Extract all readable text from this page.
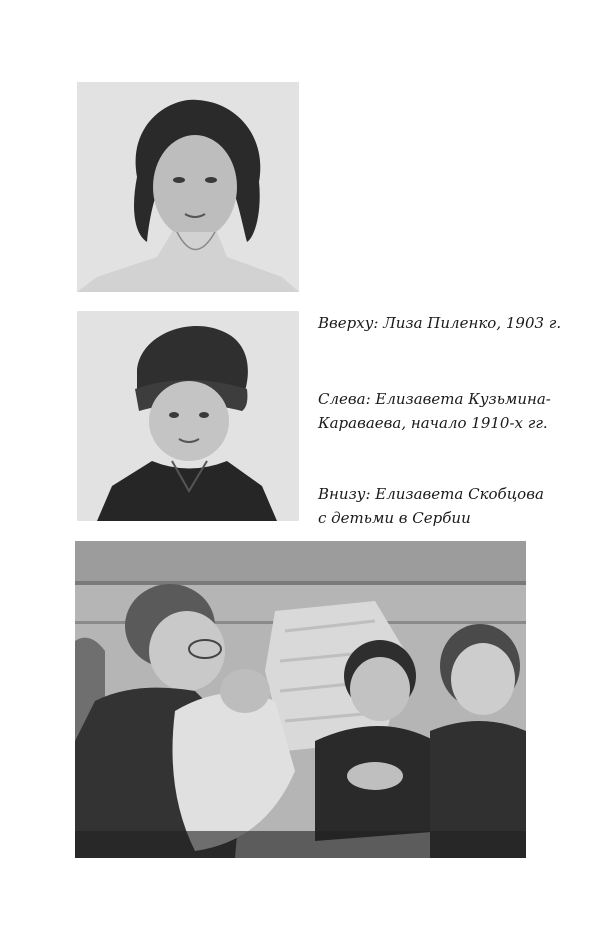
Вверху: Лиза Пиленко, 1903 г.

Слева: Елизавета Кузьмина-

Караваева, начало 1910-х гг.

Внизу: Елизавета Скобцова

с детьми в Сербии
